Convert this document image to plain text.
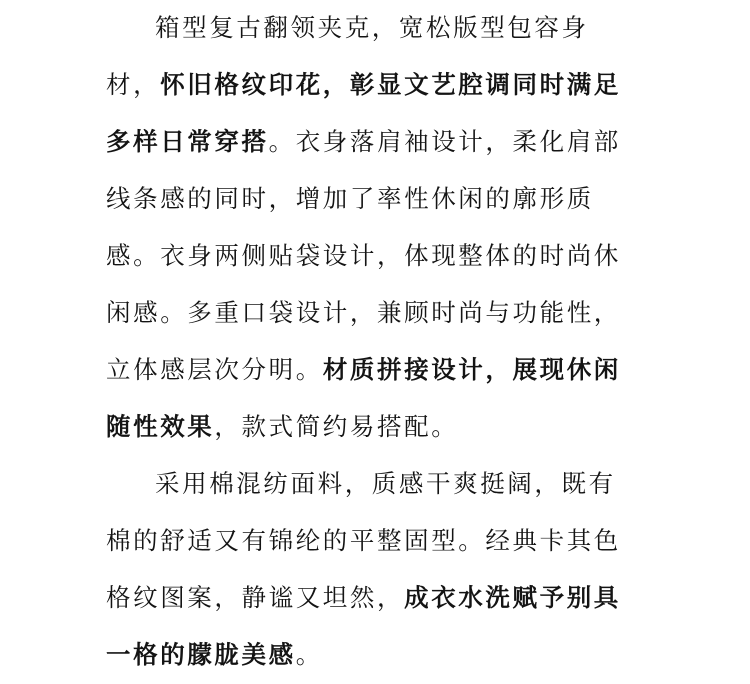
箱型复古翻领夹克，宽松版型包容身
材，怀旧格纹印花，彰显文艺腔调同时满足
多样日常穿搭。衣身落肩袖设计，柔化肩部
线条感的同时，增加了率性休闲的廓形质
感。衣身两侧贴袋设计，体现整体的时尚休
闲感。多重口袋设计，兼顾时尚与功能性，
立体感层次分明。材质拼接设计，展现休闲
随性效果，款式简约易搭配。
采用棉混纺面料，质感干爽挺阔，既有
棉的舒适又有锦纶的平整固型。经典卡其色
格纹图案，静谧又坦然，成衣水洗赋予别具
一格的朦胧美感。
